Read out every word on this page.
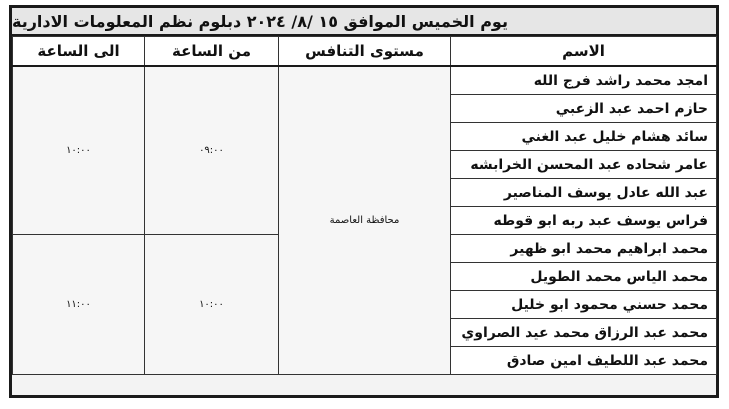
يوم الخميس الموافق ١٥ /٨/ ٢٠٢٤ دبلوم نظم المعلومات الادارية
الاسم	مستوى التنافس	من الساعة	الى الساعة
امجد محمد راشد فرج الله	محافظة العاصمة	٠٩:٠٠	١٠:٠٠
حازم احمد عبد الزعبي			
سائد هشام خليل عبد الغني			
عامر شحاده عبد المحسن الخرابشه			
عبد الله عادل يوسف المناصير			
فراس يوسف عبد ربه ابو قوطه			
محمد ابراهيم محمد ابو ظهير		١٠:٠٠	١١:٠٠
محمد الياس محمد الطويل			
محمد حسني محمود ابو خليل			
محمد عبد الرزاق محمد عيد الصراوي			
محمد عبد اللطيف امين صادق			
